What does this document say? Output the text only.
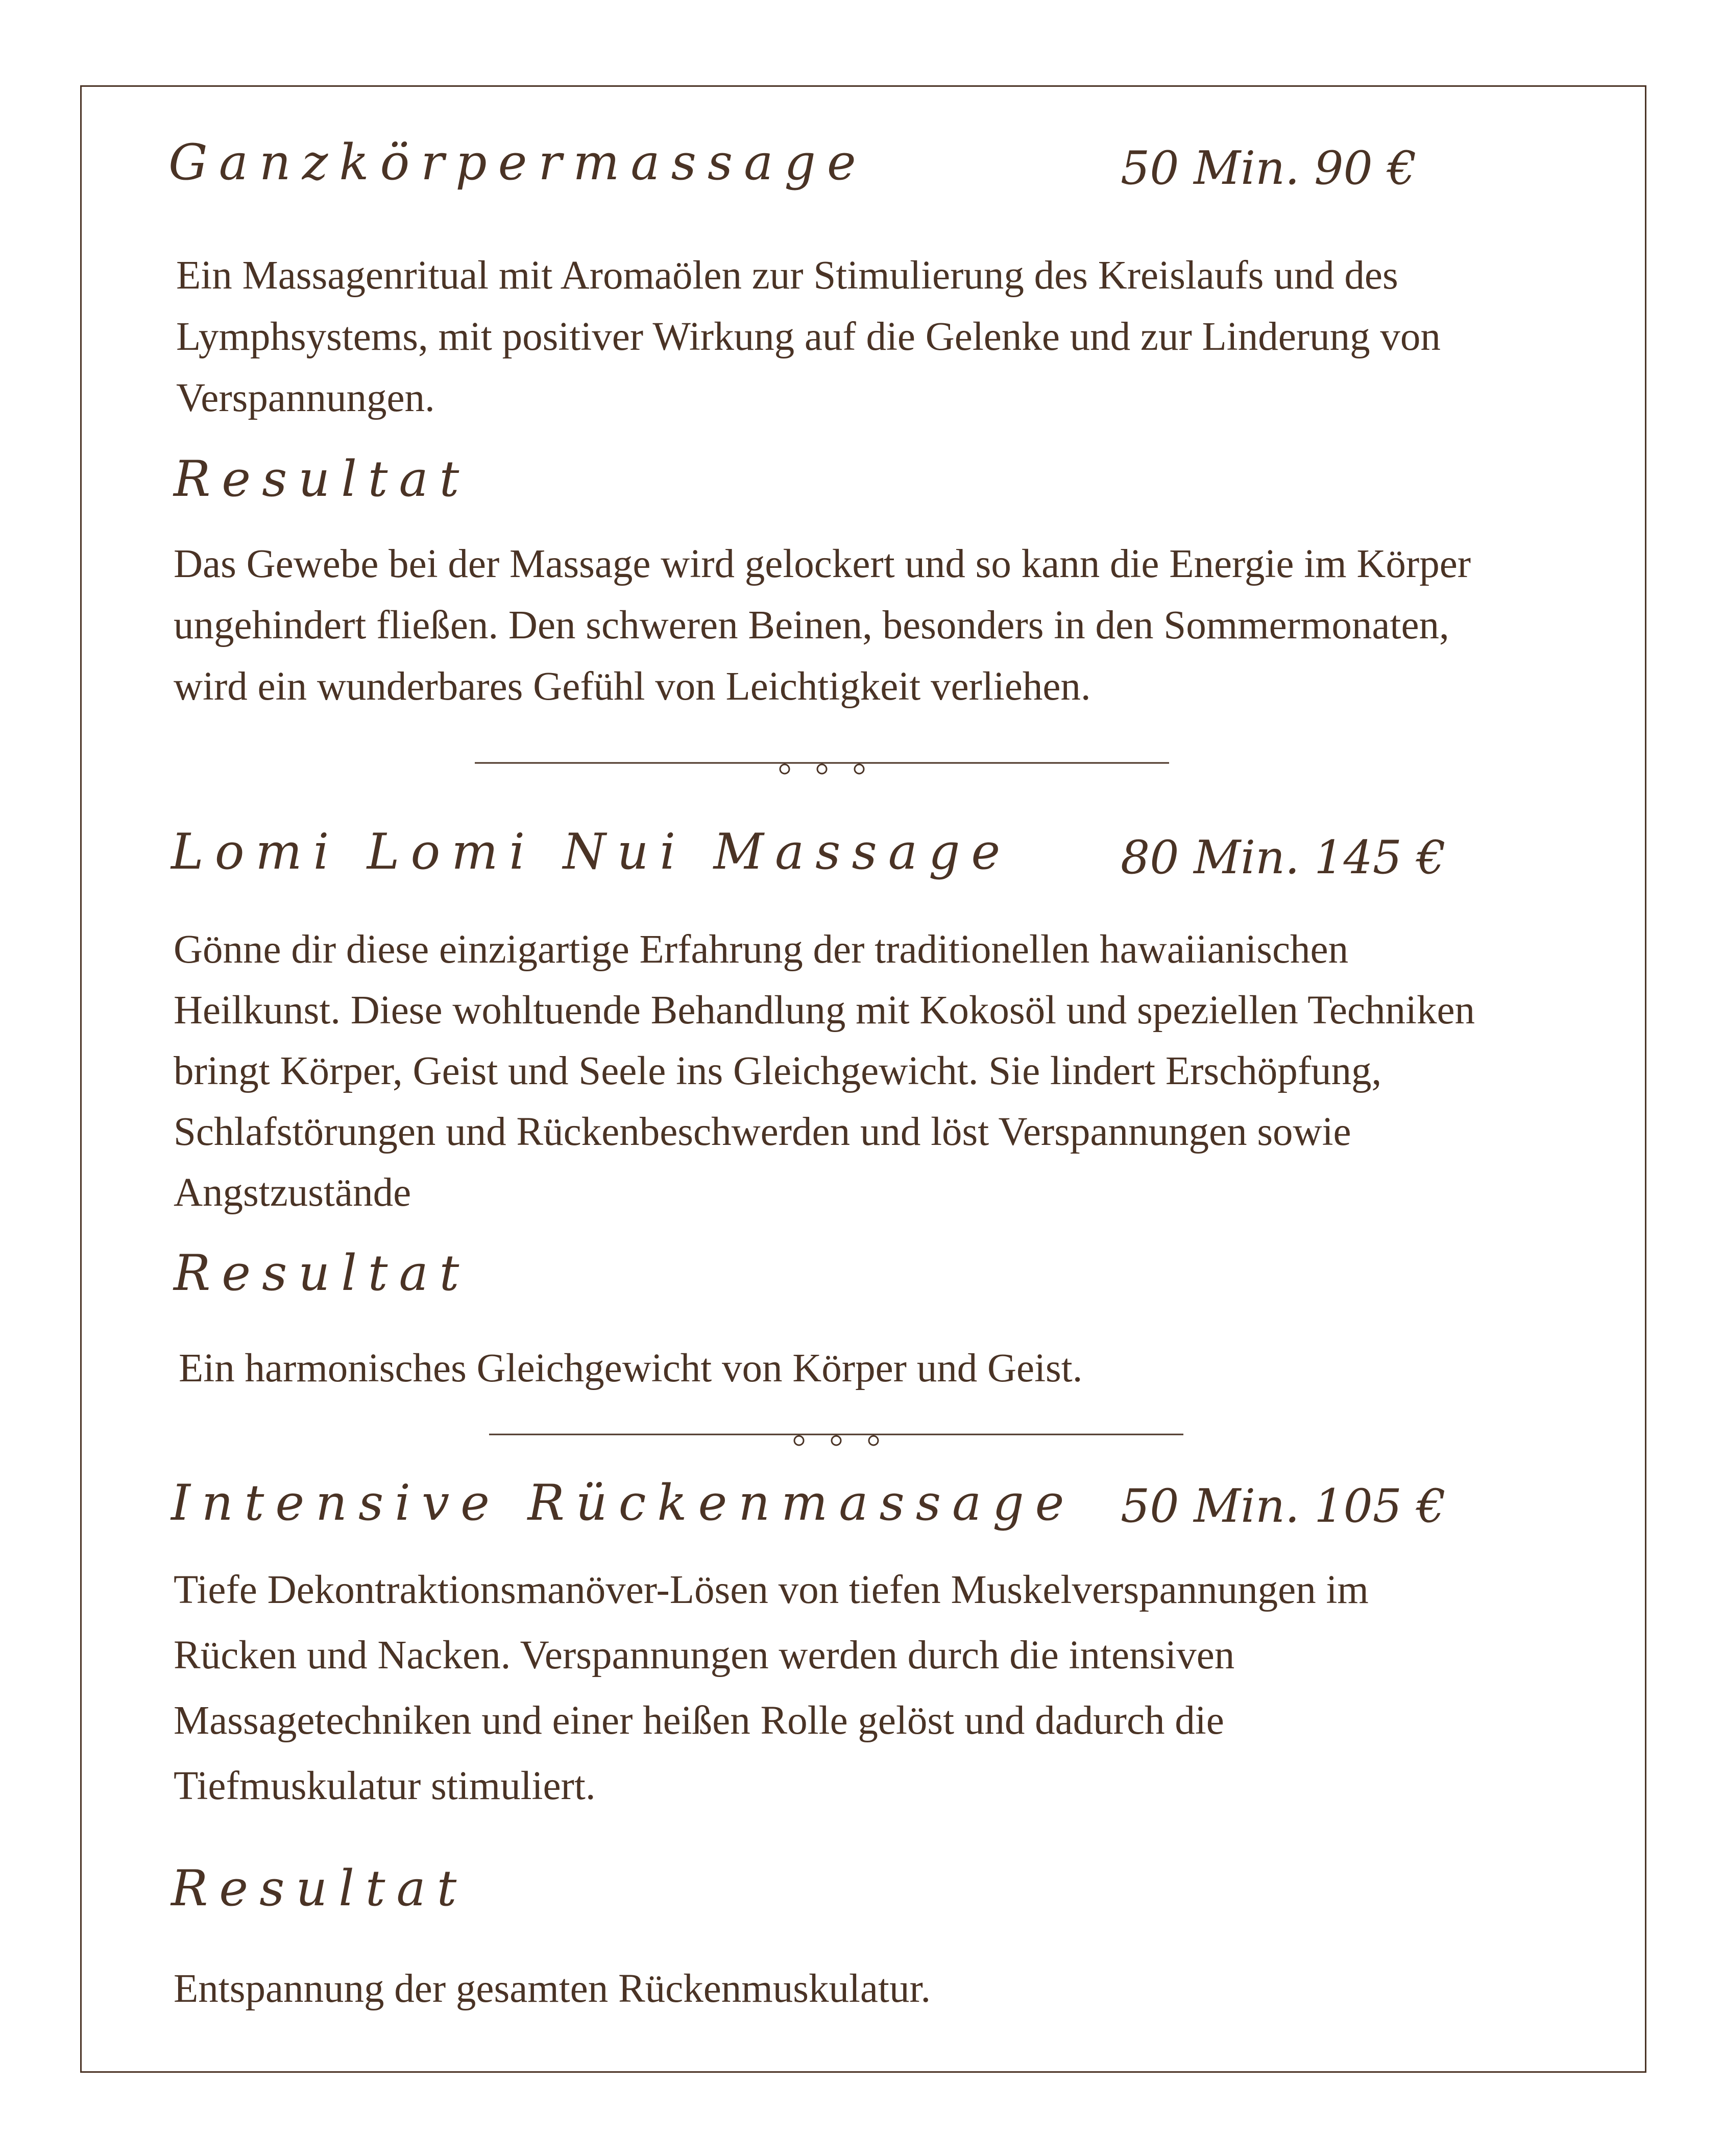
Ganzkörpermassage	50 Min. 90 €

Ein Massagenritual mit Aromaölen zur Stimulierung des Kreislaufs und des Lymphsystems, mit positiver Wirkung auf die Gelenke und zur Linderung von Verspannungen.

Resultat

Das Gewebe bei der Massage wird gelockert und so kann die Energie im Körper ungehindert fließen. Den schweren Beinen, besonders in den Sommermonaten, wird ein wunderbares Gefühl von Leichtigkeit verliehen.

Lomi Lomi Nui Massage 80 Min. 145 €

Gönne dir diese einzigartige Erfahrung der traditionellen hawaiianischen Heilkunst. Diese wohltuende Behandlung mit Kokosöl und speziellen Techniken bringt Körper, Geist und Seele ins Gleichgewicht. Sie lindert Erschöpfung, Schlafstörungen und Rückenbeschwerden und löst Verspannungen sowie Angstzustände

Resultat

Ein harmonisches Gleichgewicht von Körper und Geist.

Intensive Rückenmassage 50 Min. 105 €

Tiefe Dekontraktionsmanöver-Lösen von tiefen Muskelverspannungen im Rücken und Nacken. Verspannungen werden durch die intensiven Massagetechniken und einer heißen Rolle gelöst und dadurch die Tiefmuskulatur stimuliert.

Resultat

Entspannung der gesamten Rückenmuskulatur.
